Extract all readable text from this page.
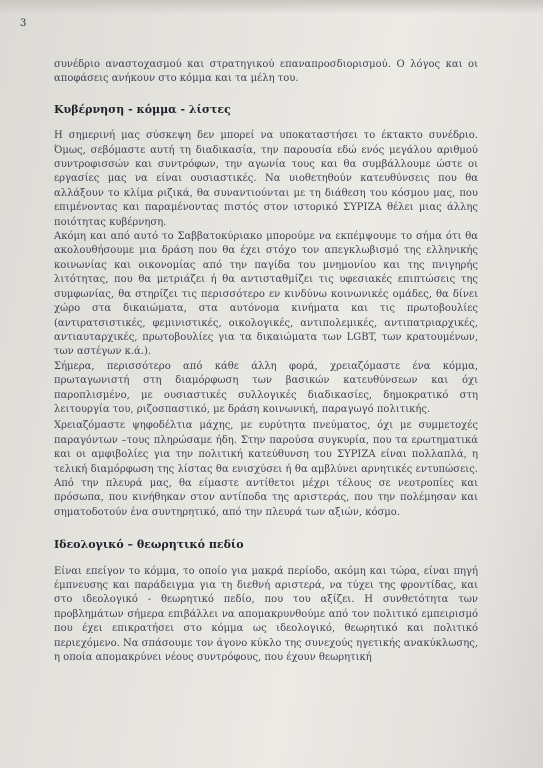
3

συνέδριο αναστοχασμού και στρατηγικού επαναπροσδιορισμού. Ο λόγος και οι αποφάσεις ανήκουν στο κόμμα και τα μέλη του.

Κυβέρνηση - κόμμα - λίστες

Η σημερινή μας σύσκεψη δεν μπορεί να υποκαταστήσει το έκτακτο συνέδριο. Όμως, σεβόμαστε αυτή τη διαδικασία, την παρουσία εδώ ενός μεγάλου αριθμού συντροφισσών και συντρόφων, την αγωνία τους και θα συμβάλλουμε ώστε οι εργασίες μας να είναι ουσιαστικές. Να υιοθετηθούν κατευθύνσεις που θα αλλάξουν το κλίμα ριζικά, θα συναντιούνται με τη διάθεση του κόσμου μας, που επιμένοντας και παραμένοντας πιστός στον ιστορικό ΣΥΡΙΖΑ θέλει μιας άλλης ποιότητας κυβέρνηση.

Ακόμη και από αυτό το Σαββατοκύριακο μπορούμε να εκπέμψουμε το σήμα ότι θα ακολουθήσουμε μια δράση που θα έχει στόχο τον απεγκλωβισμό της ελληνικής κοινωνίας και οικονομίας από την παγίδα του μνημονίου και της πνιγηρής λιτότητας, που θα μετριάζει ή θα αντισταθμίζει τις υφεσιακές επιπτώσεις της συμφωνίας, θα στηρίζει τις περισσότερο εν κινδύνω κοινωνικές ομάδες, θα δίνει χώρο στα δικαιώματα, στα αυτόνομα κινήματα και τις πρωτοβουλίες (αντιρατσιστικές, φεμινιστικές, οικολογικές, αντιπολεμικές, αντιπατριαρχικές, αντιαυταρχικές, πρωτοβουλίες για τα δικαιώματα των LGBT, των κρατουμένων, των αστέγων κ.ά.).

Σήμερα, περισσότερο από κάθε άλλη φορά, χρειαζόμαστε ένα κόμμα, πρωταγωνιστή στη διαμόρφωση των βασικών κατευθύνσεων και όχι παροπλισμένο, με ουσιαστικές συλλογικές διαδικασίες, δημοκρατικό στη λειτουργία του, ριζοσπαστικό, με δράση κοινωνική, παραγωγό πολιτικής.

Χρειαζόμαστε ψηφοδέλτια μάχης, με ευρύτητα πνεύματος, όχι με συμμετοχές παραγόντων –τους πληρώσαμε ήδη. Στην παρούσα συγκυρία, που τα ερωτηματικά και οι αμφιβολίες για την πολιτική κατεύθυνση του ΣΥΡΙΖΑ είναι πολλαπλά, η τελική διαμόρφωση της λίστας θα ενισχύσει ή θα αμβλύνει αρνητικές εντυπώσεις. Από την πλευρά μας, θα είμαστε αντίθετοι μέχρι τέλους σε νεοτροπίες και πρόσωπα, που κινήθηκαν στον αντίποδα της αριστεράς, που την πολέμησαν και σηματοδοτούν ένα συντηρητικό, από την πλευρά των αξιών, κόσμο.

Ιδεολογικό – θεωρητικό πεδίο

Είναι επείγον το κόμμα, το οποίο για μακρά περίοδο, ακόμη και τώρα, είναι πηγή έμπνευσης και παράδειγμα για τη διεθνή αριστερά, να τύχει της φροντίδας, και στο ιδεολογικό - θεωρητικό πεδίο, που του αξίζει. Η συνθετότητα των προβλημάτων σήμερα επιβάλλει να απομακρυνθούμε από τον πολιτικό εμπειρισμό που έχει επικρατήσει στο κόμμα ως ιδεολογικό, θεωρητικό και πολιτικό περιεχόμενο. Να σπάσουμε τον άγονο κύκλο της συνεχούς ηγετικής ανακύκλωσης, η οποία απομακρύνει νέους συντρόφους, που έχουν θεωρητική
